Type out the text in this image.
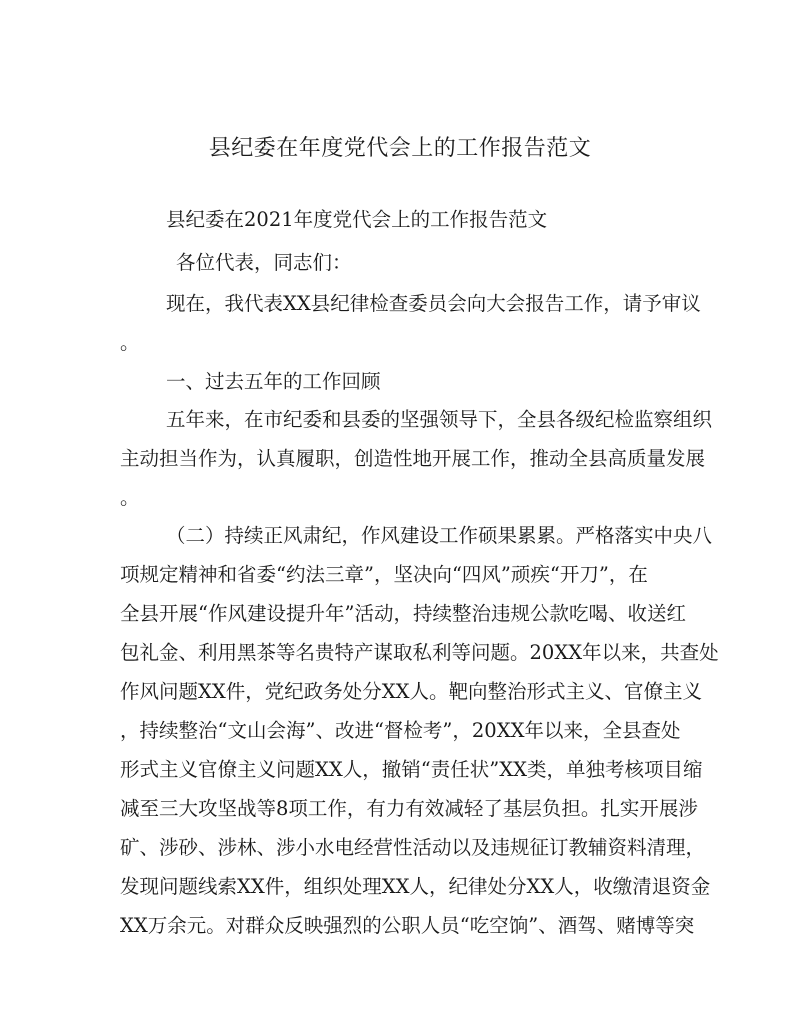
县纪委在年度党代会上的工作报告范文
县纪委在2021年度党代会上的工作报告范文
各位代表，同志们：
现在，我代表XX县纪律检查委员会向大会报告工作，请予审议
。
一、过去五年的工作回顾
五年来，在市纪委和县委的坚强领导下，全县各级纪检监察组织
主动担当作为，认真履职，创造性地开展工作，推动全县高质量发展
。
（二）持续正风肃纪，作风建设工作硕果累累。严格落实中央八
项规定精神和省委“约法三章”，坚决向“四风”顽疾“开刀”，在
全县开展“作风建设提升年”活动，持续整治违规公款吃喝、收送红
包礼金、利用黑茶等名贵特产谋取私利等问题。20XX年以来，共查处
作风问题XX件，党纪政务处分XX人。靶向整治形式主义、官僚主义
，持续整治“文山会海”、改进“督检考”，20XX年以来，全县查处
形式主义官僚主义问题XX人，撤销“责任状”XX类，单独考核项目缩
减至三大攻坚战等8项工作，有力有效减轻了基层负担。扎实开展涉
矿、涉砂、涉林、涉小水电经营性活动以及违规征订教辅资料清理，
发现问题线索XX件，组织处理XX人，纪律处分XX人，收缴清退资金
XX万余元。对群众反映强烈的公职人员“吃空饷”、酒驾、赌博等突
